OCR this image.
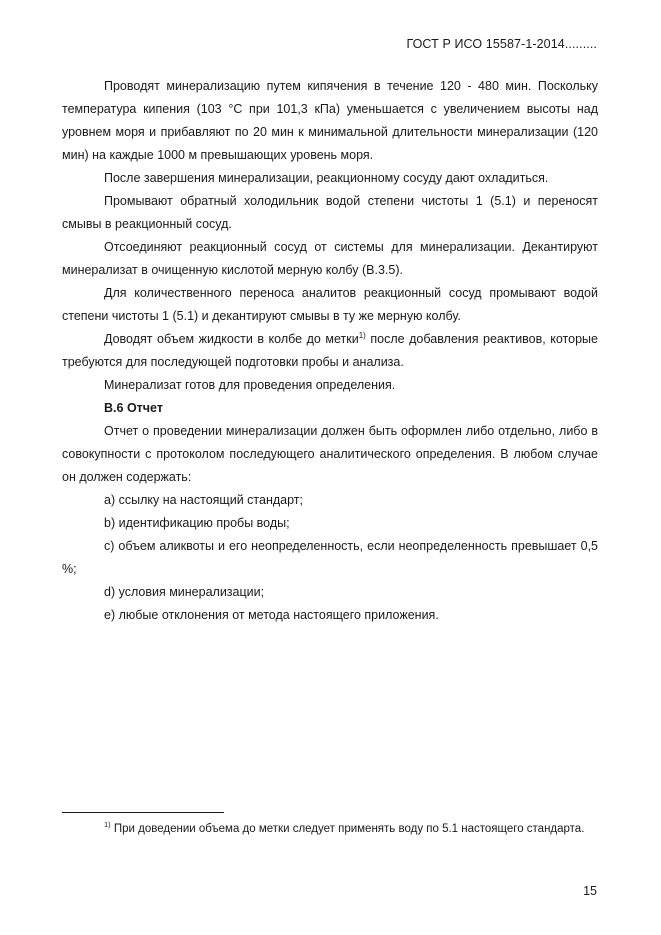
ГОСТ Р ИСО 15587-1-2014.........

Проводят минерализацию путем кипячения в течение 120 - 480 мин. Поскольку температура кипения (103 °С при 101,3 кПа) уменьшается с увеличением высоты над уровнем моря и прибавляют по 20 мин к минимальной длительности минерализации (120 мин) на каждые 1000 м превышающих уровень моря.

После завершения минерализации, реакционному сосуду дают охладиться.

Промывают обратный холодильник водой степени чистоты 1 (5.1) и переносят смывы в реакционный сосуд.

Отсоединяют реакционный сосуд от системы для минерализации. Декантируют минерализат в очищенную кислотой мерную колбу (В.3.5).

Для количественного переноса аналитов реакционный сосуд промывают водой степени чистоты 1 (5.1) и декантируют смывы в ту же мерную колбу.

Доводят объем жидкости в колбе до метки$^{1)}$ после добавления реактивов, которые требуются для последующей подготовки пробы и анализа.

Минерализат готов для проведения определения.

В.6 Отчет

Отчет о проведении минерализации должен быть оформлен либо отдельно, либо в совокупности с протоколом последующего аналитического определения. В любом случае он должен содержать:

а) ссылку на настоящий стандарт;

b) идентификацию пробы воды;

с) объем аликвоты и его неопределенность, если неопределенность превышает 0,5 %;

d) условия минерализации;

е) любые отклонения от метода настоящего приложения.

$^{1)}$ При доведении объема до метки следует применять воду по 5.1 настоящего стандарта.

15
